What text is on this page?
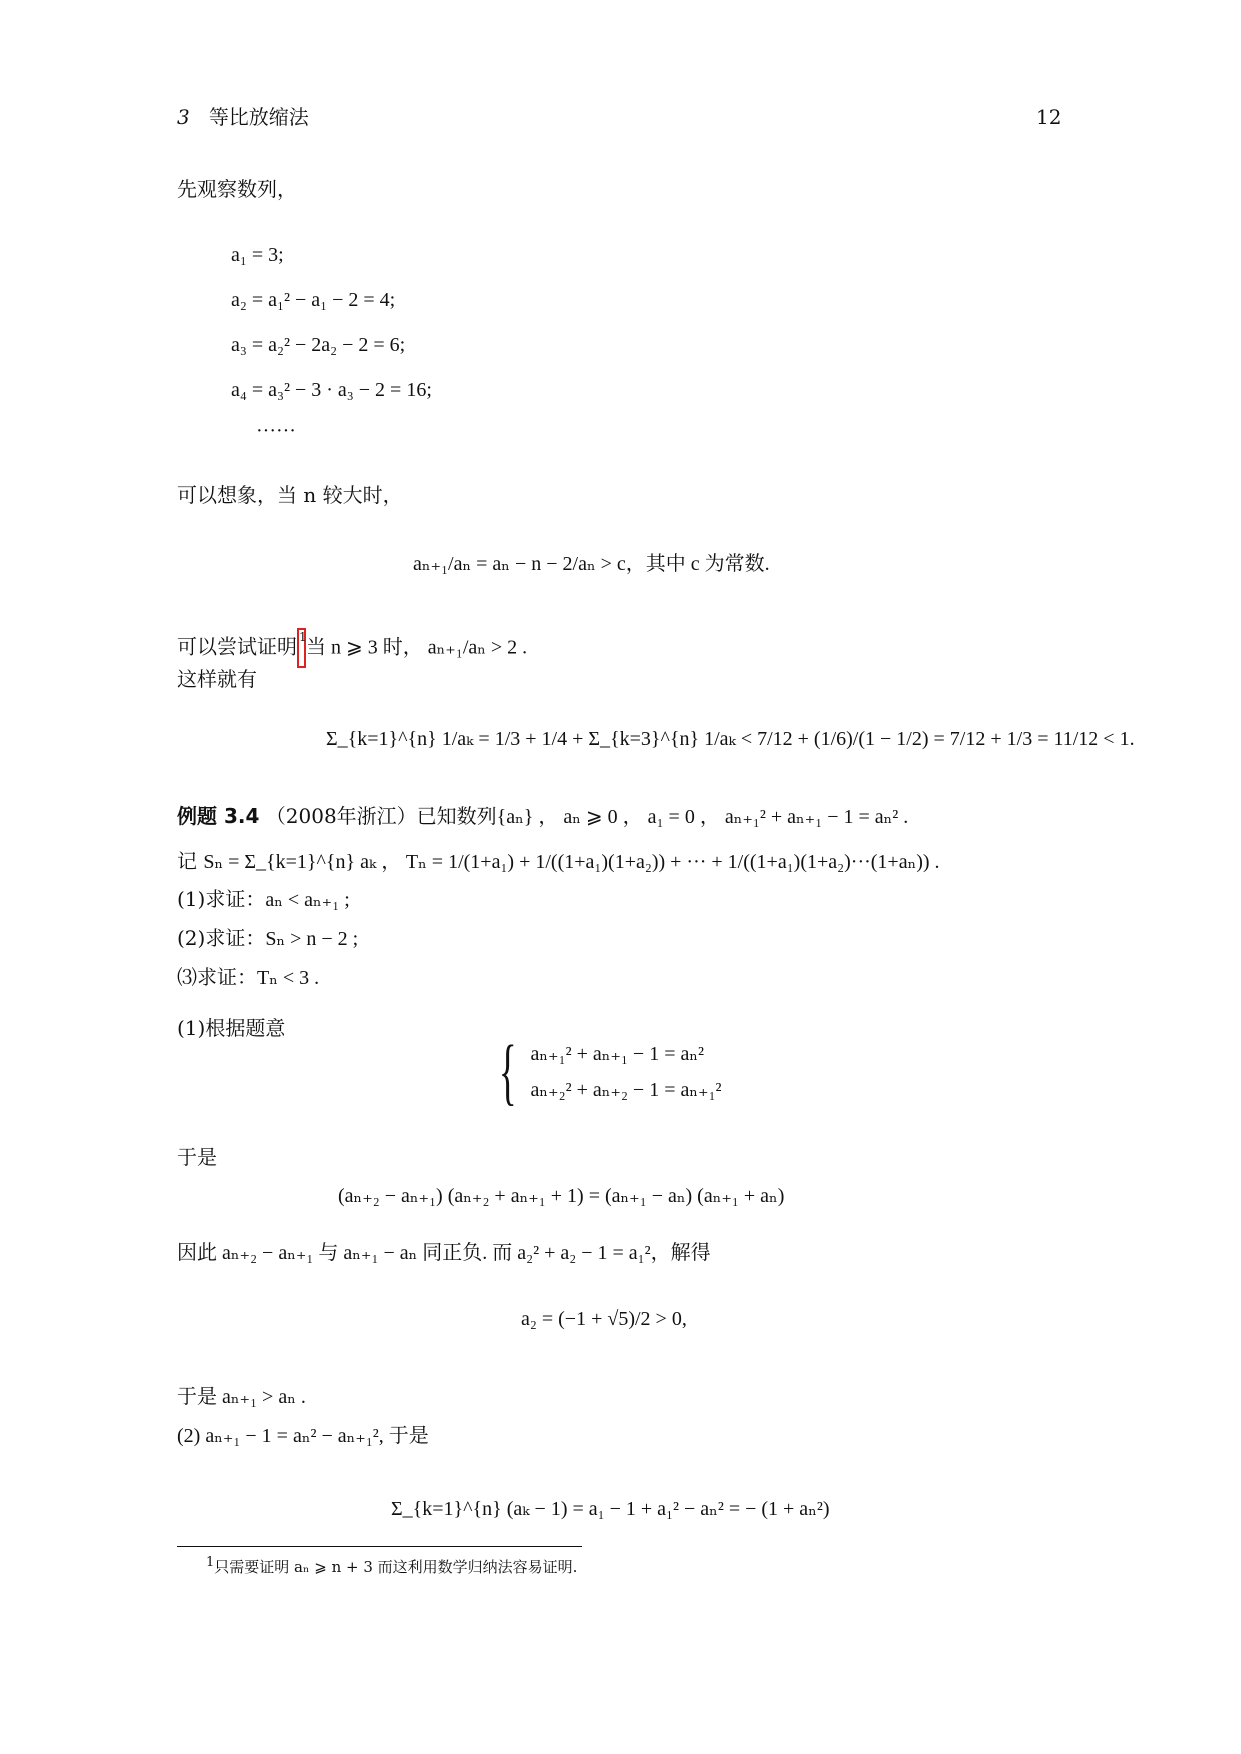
3 等比放缩法	12
先观察数列，
a₁ = 3;
a₂ = a₁² − a₁ − 2 = 4;
a₃ = a₂² − 2a₂ − 2 = 6;
a₄ = a₃² − 3 · a₃ − 2 = 16;
······
可以想象，当 n 较大时，
aₙ₊₁/aₙ = aₙ − n − 2/aₙ > c，其中 c 为常数.
可以尝试证明 1当 n ⩾ 3 时， aₙ₊₁/aₙ > 2 .
这样就有
Σ_{k=1}^{n} 1/aₖ = 1/3 + 1/4 + Σ_{k=3}^{n} 1/aₖ < 7/12 + (1/6)/(1 − 1/2) = 7/12 + 1/3 = 11/12 < 1.
例题 3.4 （2008年浙江）已知数列{aₙ} ， aₙ ⩾ 0 ， a₁ = 0 ， aₙ₊₁² + aₙ₊₁ − 1 = aₙ² .
记 Sₙ = Σ_{k=1}^{n} aₖ ， Tₙ = 1/(1+a₁) + 1/((1+a₁)(1+a₂)) + ··· + 1/((1+a₁)(1+a₂)···(1+aₙ)) .
(1)求证：aₙ < aₙ₊₁ ;
(2)求证：Sₙ > n − 2 ;
⑶求证：Tₙ < 3 .
(1)根据题意
{ aₙ₊₁² + aₙ₊₁ − 1 = aₙ²
aₙ₊₂² + aₙ₊₂ − 1 = aₙ₊₁²
于是
(aₙ₊₂ − aₙ₊₁) (aₙ₊₂ + aₙ₊₁ + 1) = (aₙ₊₁ − aₙ) (aₙ₊₁ + aₙ)
因此 aₙ₊₂ − aₙ₊₁ 与 aₙ₊₁ − aₙ 同正负. 而 a₂² + a₂ − 1 = a₁²，解得
a₂ = (−1 + √5)/2 > 0,
于是 aₙ₊₁ > aₙ .
(2) aₙ₊₁ − 1 = aₙ² − aₙ₊₁², 于是
Σ_{k=1}^{n} (aₖ − 1) = a₁ − 1 + a₁² − aₙ² = − (1 + aₙ²)
$^1$只需要证明 aₙ ⩾ n + 3 而这利用数学归纳法容易证明.
